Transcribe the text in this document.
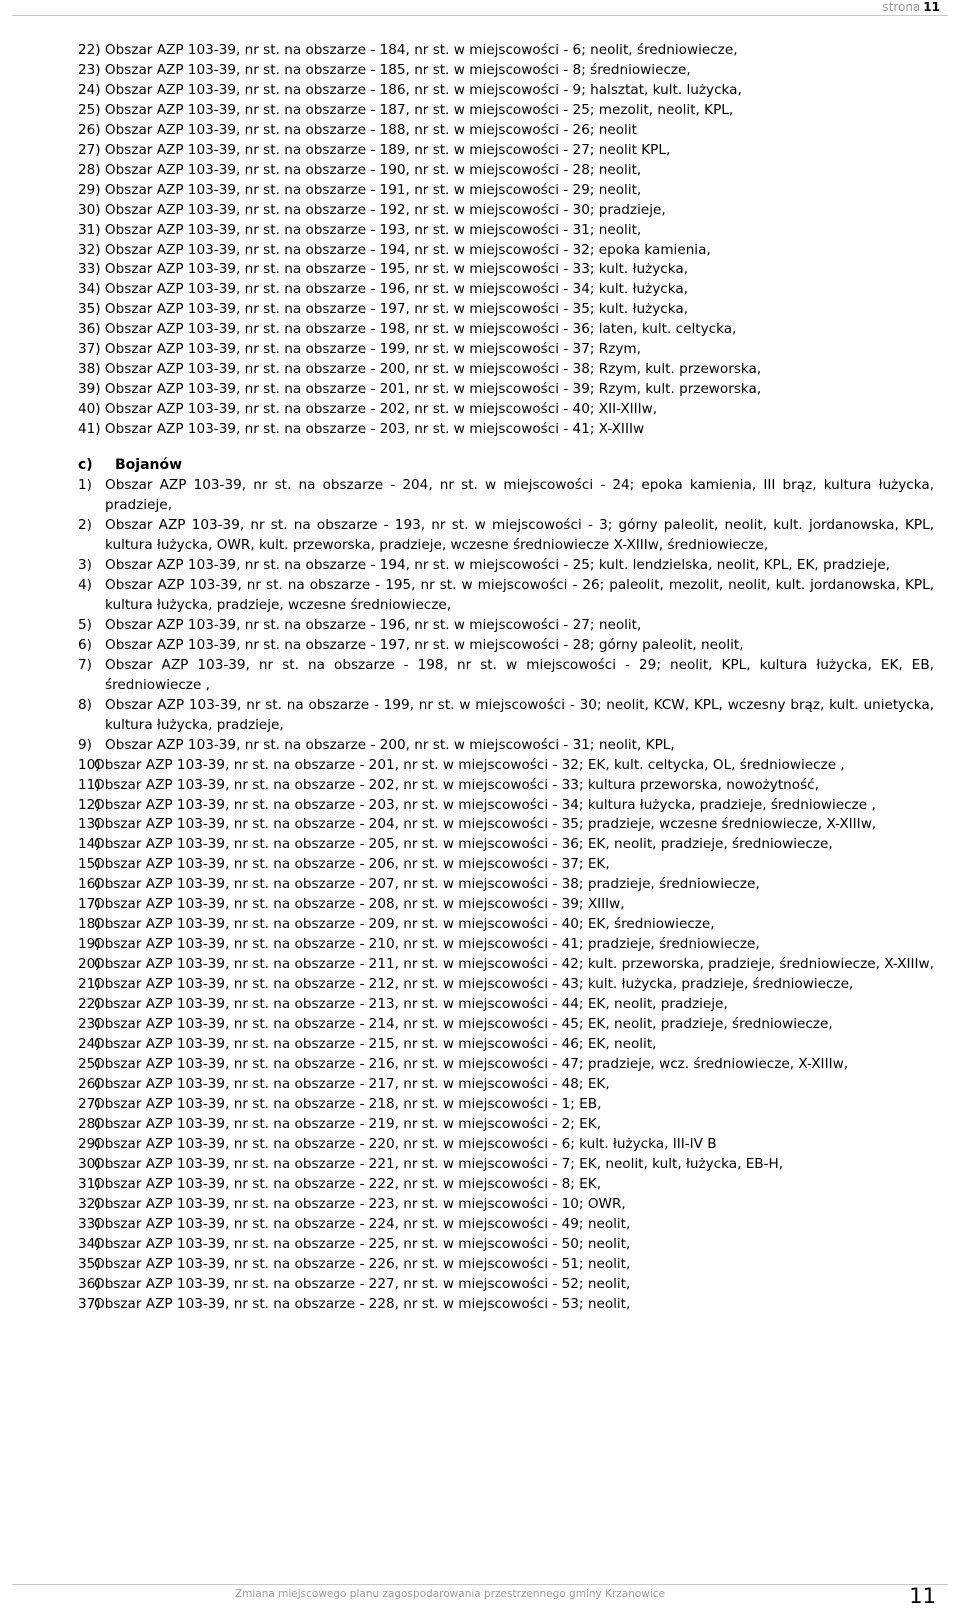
strona 11
22) Obszar AZP 103-39, nr st. na obszarze - 184, nr st. w miejscowości - 6; neolit, średniowiecze,
23) Obszar AZP 103-39, nr st. na obszarze - 185, nr st. w miejscowości - 8; średniowiecze,
24) Obszar AZP 103-39, nr st. na obszarze - 186, nr st. w miejscowości - 9; halsztat, kult. lużycka,
25) Obszar AZP 103-39, nr st. na obszarze - 187, nr st. w miejscowości - 25; mezolit, neolit, KPL,
26) Obszar AZP 103-39, nr st. na obszarze - 188, nr st. w miejscowości - 26; neolit
27) Obszar AZP 103-39, nr st. na obszarze - 189, nr st. w miejscowości - 27; neolit KPL,
28) Obszar AZP 103-39, nr st. na obszarze - 190, nr st. w miejscowości - 28; neolit,
29) Obszar AZP 103-39, nr st. na obszarze - 191, nr st. w miejscowości - 29; neolit,
30) Obszar AZP 103-39, nr st. na obszarze - 192, nr st. w miejscowości - 30; pradzieje,
31) Obszar AZP 103-39, nr st. na obszarze - 193, nr st. w miejscowości - 31; neolit,
32) Obszar AZP 103-39, nr st. na obszarze - 194, nr st. w miejscowości - 32; epoka kamienia,
33) Obszar AZP 103-39, nr st. na obszarze - 195, nr st. w miejscowości - 33; kult. łużycka,
34) Obszar AZP 103-39, nr st. na obszarze - 196, nr st. w miejscowości - 34; kult. łużycka,
35) Obszar AZP 103-39, nr st. na obszarze - 197, nr st. w miejscowości - 35; kult. łużycka,
36) Obszar AZP 103-39, nr st. na obszarze - 198, nr st. w miejscowości - 36; laten, kult. celtycka,
37) Obszar AZP 103-39, nr st. na obszarze - 199, nr st. w miejscowości - 37; Rzym,
38) Obszar AZP 103-39, nr st. na obszarze - 200, nr st. w miejscowości - 38; Rzym, kult. przeworska,
39) Obszar AZP 103-39, nr st. na obszarze - 201, nr st. w miejscowości - 39; Rzym, kult. przeworska,
40) Obszar AZP 103-39, nr st. na obszarze - 202, nr st. w miejscowości - 40; XII-XIIIw,
41) Obszar AZP 103-39, nr st. na obszarze - 203, nr st. w miejscowości - 41; X-XIIIw
c) Bojanów
1) Obszar AZP 103-39, nr st. na obszarze - 204, nr st. w miejscowości - 24; epoka kamienia, III brąz, kultura łużycka, pradzieje,
2) Obszar AZP 103-39, nr st. na obszarze - 193, nr st. w miejscowości - 3; górny paleolit, neolit, kult. jordanowska, KPL, kultura łużycka, OWR, kult. przeworska, pradzieje, wczesne średniowiecze X-XIIIw, średniowiecze,
3) Obszar AZP 103-39, nr st. na obszarze - 194, nr st. w miejscowości - 25; kult. lendzielska, neolit, KPL, EK, pradzieje,
4) Obszar AZP 103-39, nr st. na obszarze - 195, nr st. w miejscowości - 26; paleolit, mezolit, neolit, kult. jordanowska, KPL, kultura łużycka, pradzieje, wczesne średniowiecze,
5) Obszar AZP 103-39, nr st. na obszarze - 196, nr st. w miejscowości - 27; neolit,
6) Obszar AZP 103-39, nr st. na obszarze - 197, nr st. w miejscowości - 28; górny paleolit, neolit,
7) Obszar AZP 103-39, nr st. na obszarze - 198, nr st. w miejscowości - 29; neolit, KPL, kultura łużycka, EK, EB, średniowiecze ,
8) Obszar AZP 103-39, nr st. na obszarze - 199, nr st. w miejscowości - 30; neolit, KCW, KPL, wczesny brąz, kult. unietycka, kultura łużycka, pradzieje,
9) Obszar AZP 103-39, nr st. na obszarze - 200, nr st. w miejscowości - 31; neolit, KPL,
10)
Obszar AZP 103-39, nr st. na obszarze - 201, nr st. w miejscowości - 32; EK, kult. celtycka, OL, średniowiecze ,
11)
Obszar AZP 103-39, nr st. na obszarze - 202, nr st. w miejscowości - 33; kultura przeworska, nowożytność,
12)
Obszar AZP 103-39, nr st. na obszarze - 203, nr st. w miejscowości - 34; kultura łużycka, pradzieje, średniowiecze ,
13)
Obszar AZP 103-39, nr st. na obszarze - 204, nr st. w miejscowości - 35; pradzieje, wczesne średniowiecze, X-XIIIw,
14)
Obszar AZP 103-39, nr st. na obszarze - 205, nr st. w miejscowości - 36; EK, neolit, pradzieje, średniowiecze,
15)
Obszar AZP 103-39, nr st. na obszarze - 206, nr st. w miejscowości - 37; EK,
16)
Obszar AZP 103-39, nr st. na obszarze - 207, nr st. w miejscowości - 38; pradzieje, średniowiecze,
17)
Obszar AZP 103-39, nr st. na obszarze - 208, nr st. w miejscowości - 39; XIIIw,
18)
Obszar AZP 103-39, nr st. na obszarze - 209, nr st. w miejscowości - 40; EK, średniowiecze,
19)
Obszar AZP 103-39, nr st. na obszarze - 210, nr st. w miejscowości - 41; pradzieje, średniowiecze,
20)
Obszar AZP 103-39, nr st. na obszarze - 211, nr st. w miejscowości - 42; kult. przeworska, pradzieje, średniowiecze, X-XIIIw,
21)
Obszar AZP 103-39, nr st. na obszarze - 212, nr st. w miejscowości - 43; kult. łużycka, pradzieje, średniowiecze,
22)
Obszar AZP 103-39, nr st. na obszarze - 213, nr st. w miejscowości - 44; EK, neolit, pradzieje,
23)
Obszar AZP 103-39, nr st. na obszarze - 214, nr st. w miejscowości - 45; EK, neolit, pradzieje, średniowiecze,
24)
Obszar AZP 103-39, nr st. na obszarze - 215, nr st. w miejscowości - 46; EK, neolit,
25)
Obszar AZP 103-39, nr st. na obszarze - 216, nr st. w miejscowości - 47; pradzieje, wcz. średniowiecze, X-XIIIw,
26)
Obszar AZP 103-39, nr st. na obszarze - 217, nr st. w miejscowości - 48; EK,
27)
Obszar AZP 103-39, nr st. na obszarze - 218, nr st. w miejscowości - 1; EB,
28)
Obszar AZP 103-39, nr st. na obszarze - 219, nr st. w miejscowości - 2; EK,
29)
Obszar AZP 103-39, nr st. na obszarze - 220, nr st. w miejscowości - 6; kult. łużycka, III-IV B
30)
Obszar AZP 103-39, nr st. na obszarze - 221, nr st. w miejscowości - 7; EK, neolit, kult, łużycka, EB-H,
31)
Obszar AZP 103-39, nr st. na obszarze - 222, nr st. w miejscowości - 8; EK,
32)
Obszar AZP 103-39, nr st. na obszarze - 223, nr st. w miejscowości - 10; OWR,
33)
Obszar AZP 103-39, nr st. na obszarze - 224, nr st. w miejscowości - 49; neolit,
34)
Obszar AZP 103-39, nr st. na obszarze - 225, nr st. w miejscowości - 50; neolit,
35)
Obszar AZP 103-39, nr st. na obszarze - 226, nr st. w miejscowości - 51; neolit,
36)
Obszar AZP 103-39, nr st. na obszarze - 227, nr st. w miejscowości - 52; neolit,
37)
Obszar AZP 103-39, nr st. na obszarze - 228, nr st. w miejscowości - 53; neolit,
Zmiana miejscowego planu zagospodarowania przestrzennego gminy Krzanowice	11
